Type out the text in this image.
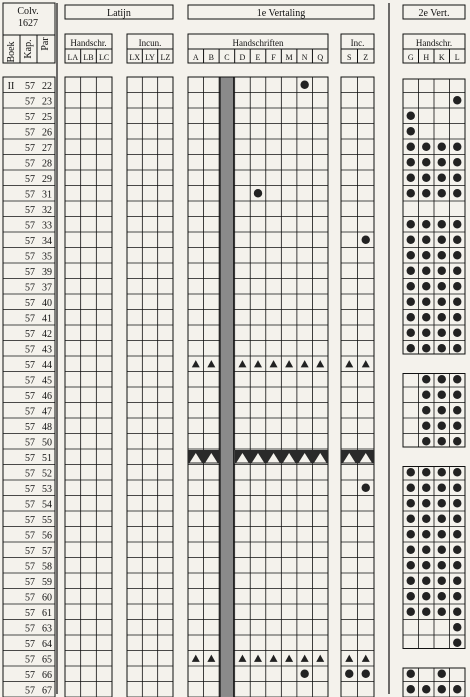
Colv.
1627
Boek Kap. Par
Latijn	1e Vertaling	2e Vert.
Handschr.
LA LB LC
Incun.
LX LY LZ
Handschriften
A B C D E F M N Q
Inc.
S Z
Handschr.
G H K L
II 57 22
57 23
57 25
57 26
57 27
57 28
57 29
57 31
57 32
57 33
57 34
57 35
57 39
57 37
57 40
57 41
57 42
57 43
57 44
57 45
57 46
57 47
57 48
57 50
57 51
57 52
57 53
57 54
57 55
57 56
57 57
57 58
57 59
57 60
57 61
57 63
57 64
57 65
57 66
57 67
